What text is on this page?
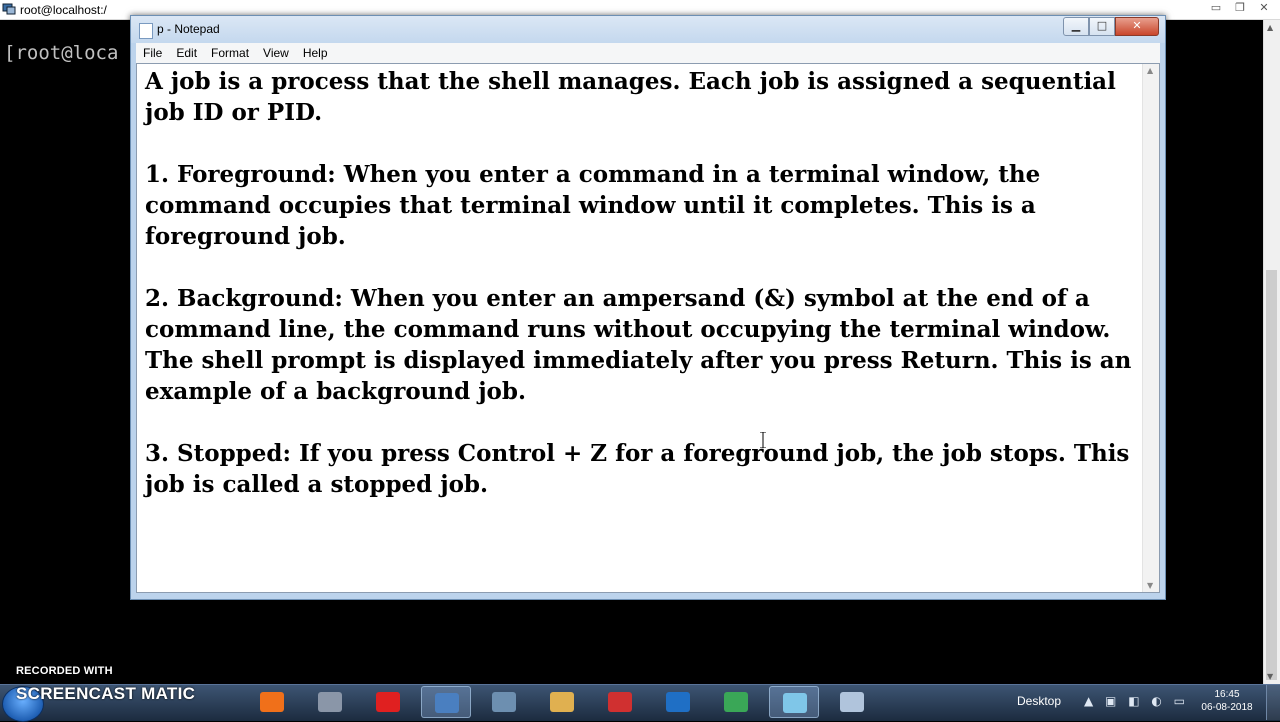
root@localhost:/	▭	❐	✕
[root@loca
▲
▼
p - Notepad	▁	□	✕
File Edit Format View Help
A job is a process that the shell manages. Each job is assigned a sequential job ID or PID.

1. Foreground: When you enter a command in a terminal window, the command occupies that terminal window until it completes. This is a foreground job.

2. Background: When you enter an ampersand (&) symbol at the end of a command line, the command runs without occupying the terminal window. The shell prompt is displayed immediately after you press Return. This is an example of a background job.

3. Stopped: If you press Control + Z for a foreground job, the job stops. This job is called a stopped job.
▲
▼
RECORDED WITH
SCREENCAST MATIC	Desktop ▲ ▣ ◧ ◐ ▭	16:45
06-08-2018
